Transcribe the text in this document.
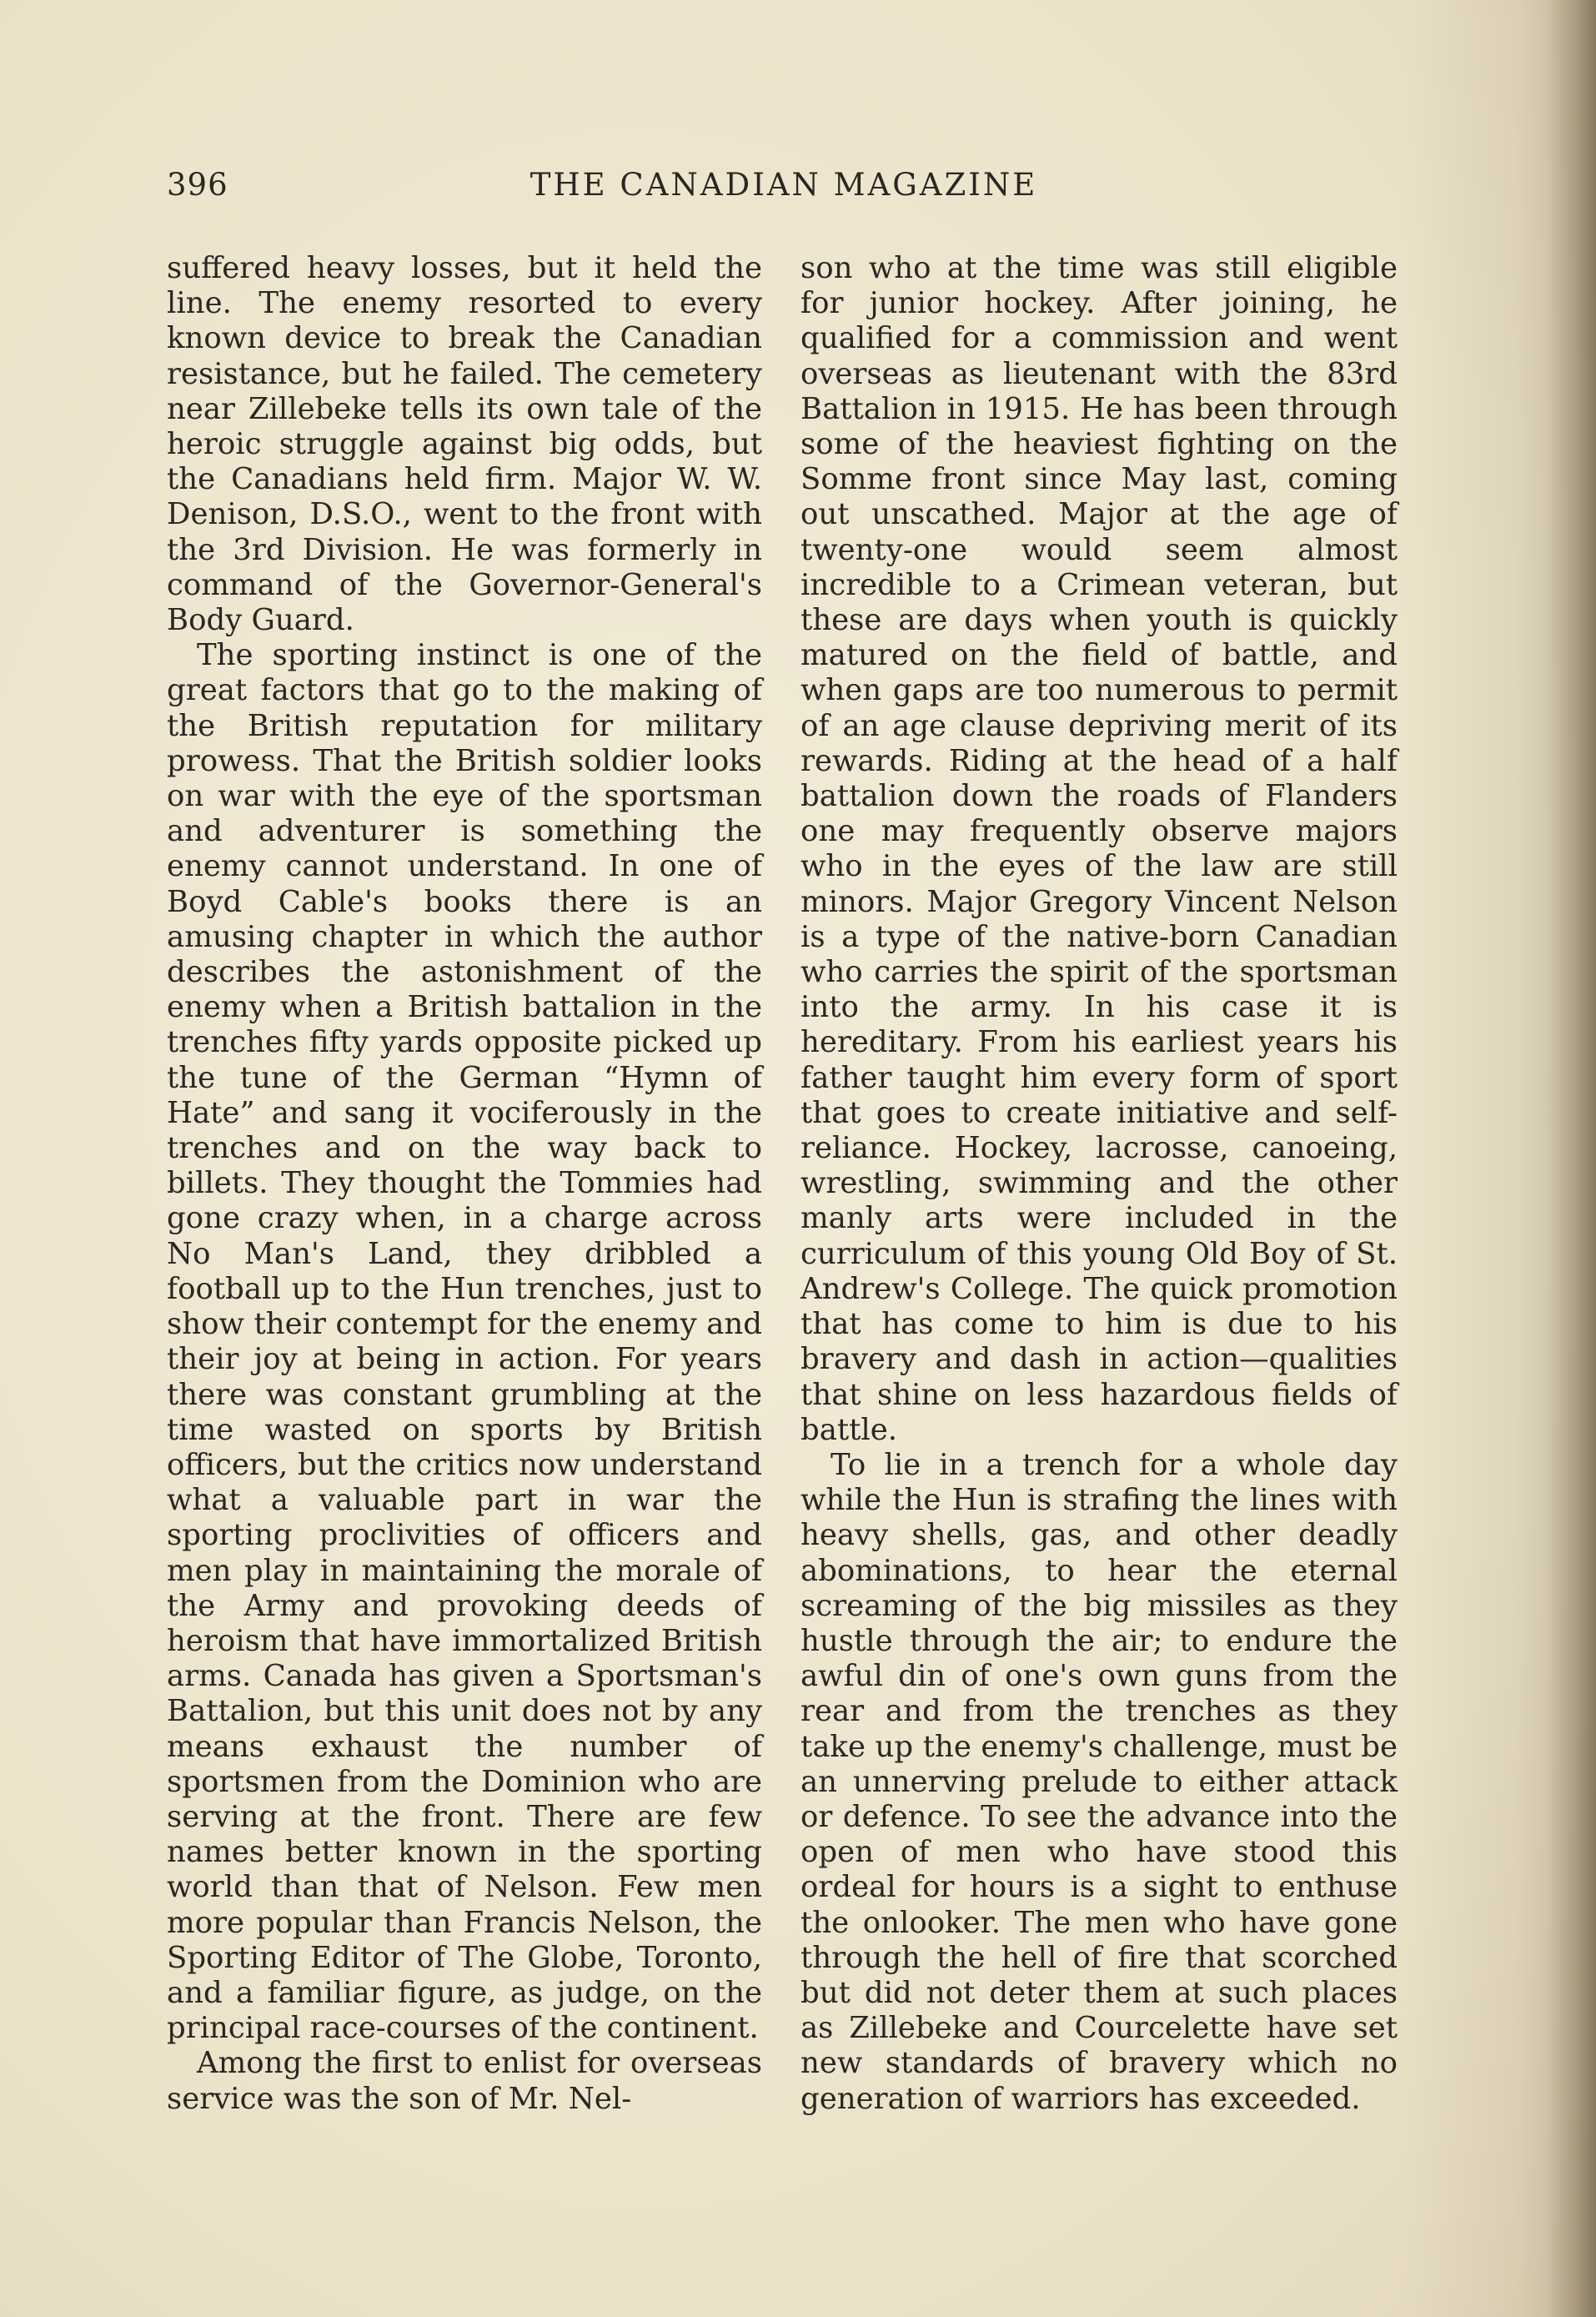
THE CANADIAN MAGAZINE
396

suffered heavy losses, but it held the line. The enemy resorted to every known device to break the Canadian resistance, but he failed. The cemetery near Zillebeke tells its own tale of the heroic struggle against big odds, but the Canadians held firm. Major W. W. Denison, D.S.O., went to the front with the 3rd Division. He was formerly in command of the Governor-General's Body Guard.

The sporting instinct is one of the great factors that go to the making of the British reputation for military prowess. That the British soldier looks on war with the eye of the sportsman and adventurer is something the enemy cannot understand. In one of Boyd Cable's books there is an amusing chapter in which the author describes the astonishment of the enemy when a British battalion in the trenches fifty yards opposite picked up the tune of the German “Hymn of Hate” and sang it vociferously in the trenches and on the way back to billets. They thought the Tommies had gone crazy when, in a charge across No Man's Land, they dribbled a football up to the Hun trenches, just to show their contempt for the enemy and their joy at being in action. For years there was constant grumbling at the time wasted on sports by British officers, but the critics now understand what a valuable part in war the sporting proclivities of officers and men play in maintaining the morale of the Army and provoking deeds of heroism that have immortalized British arms. Canada has given a Sportsman's Battalion, but this unit does not by any means exhaust the number of sportsmen from the Dominion who are serving at the front. There are few names better known in the sporting world than that of Nelson. Few men more popular than Francis Nelson, the Sporting Editor of The Globe, Toronto, and a familiar figure, as judge, on the principal race-courses of the continent.

Among the first to enlist for overseas service was the son of Mr. Nel-

son who at the time was still eligible for junior hockey. After joining, he qualified for a commission and went overseas as lieutenant with the 83rd Battalion in 1915. He has been through some of the heaviest fighting on the Somme front since May last, coming out unscathed. Major at the age of twenty-one would seem almost incredible to a Crimean veteran, but these are days when youth is quickly matured on the field of battle, and when gaps are too numerous to permit of an age clause depriving merit of its rewards. Riding at the head of a half battalion down the roads of Flanders one may frequently observe majors who in the eyes of the law are still minors. Major Gregory Vincent Nelson is a type of the native-born Canadian who carries the spirit of the sportsman into the army. In his case it is hereditary. From his earliest years his father taught him every form of sport that goes to create initiative and self-reliance. Hockey, lacrosse, canoeing, wrestling, swimming and the other manly arts were included in the curriculum of this young Old Boy of St. Andrew's College. The quick promotion that has come to him is due to his bravery and dash in action—qualities that shine on less hazardous fields of battle.

To lie in a trench for a whole day while the Hun is strafing the lines with heavy shells, gas, and other deadly abominations, to hear the eternal screaming of the big missiles as they hustle through the air; to endure the awful din of one's own guns from the rear and from the trenches as they take up the enemy's challenge, must be an unnerving prelude to either attack or defence. To see the advance into the open of men who have stood this ordeal for hours is a sight to enthuse the onlooker. The men who have gone through the hell of fire that scorched but did not deter them at such places as Zillebeke and Courcelette have set new standards of bravery which no generation of warriors has exceeded.
